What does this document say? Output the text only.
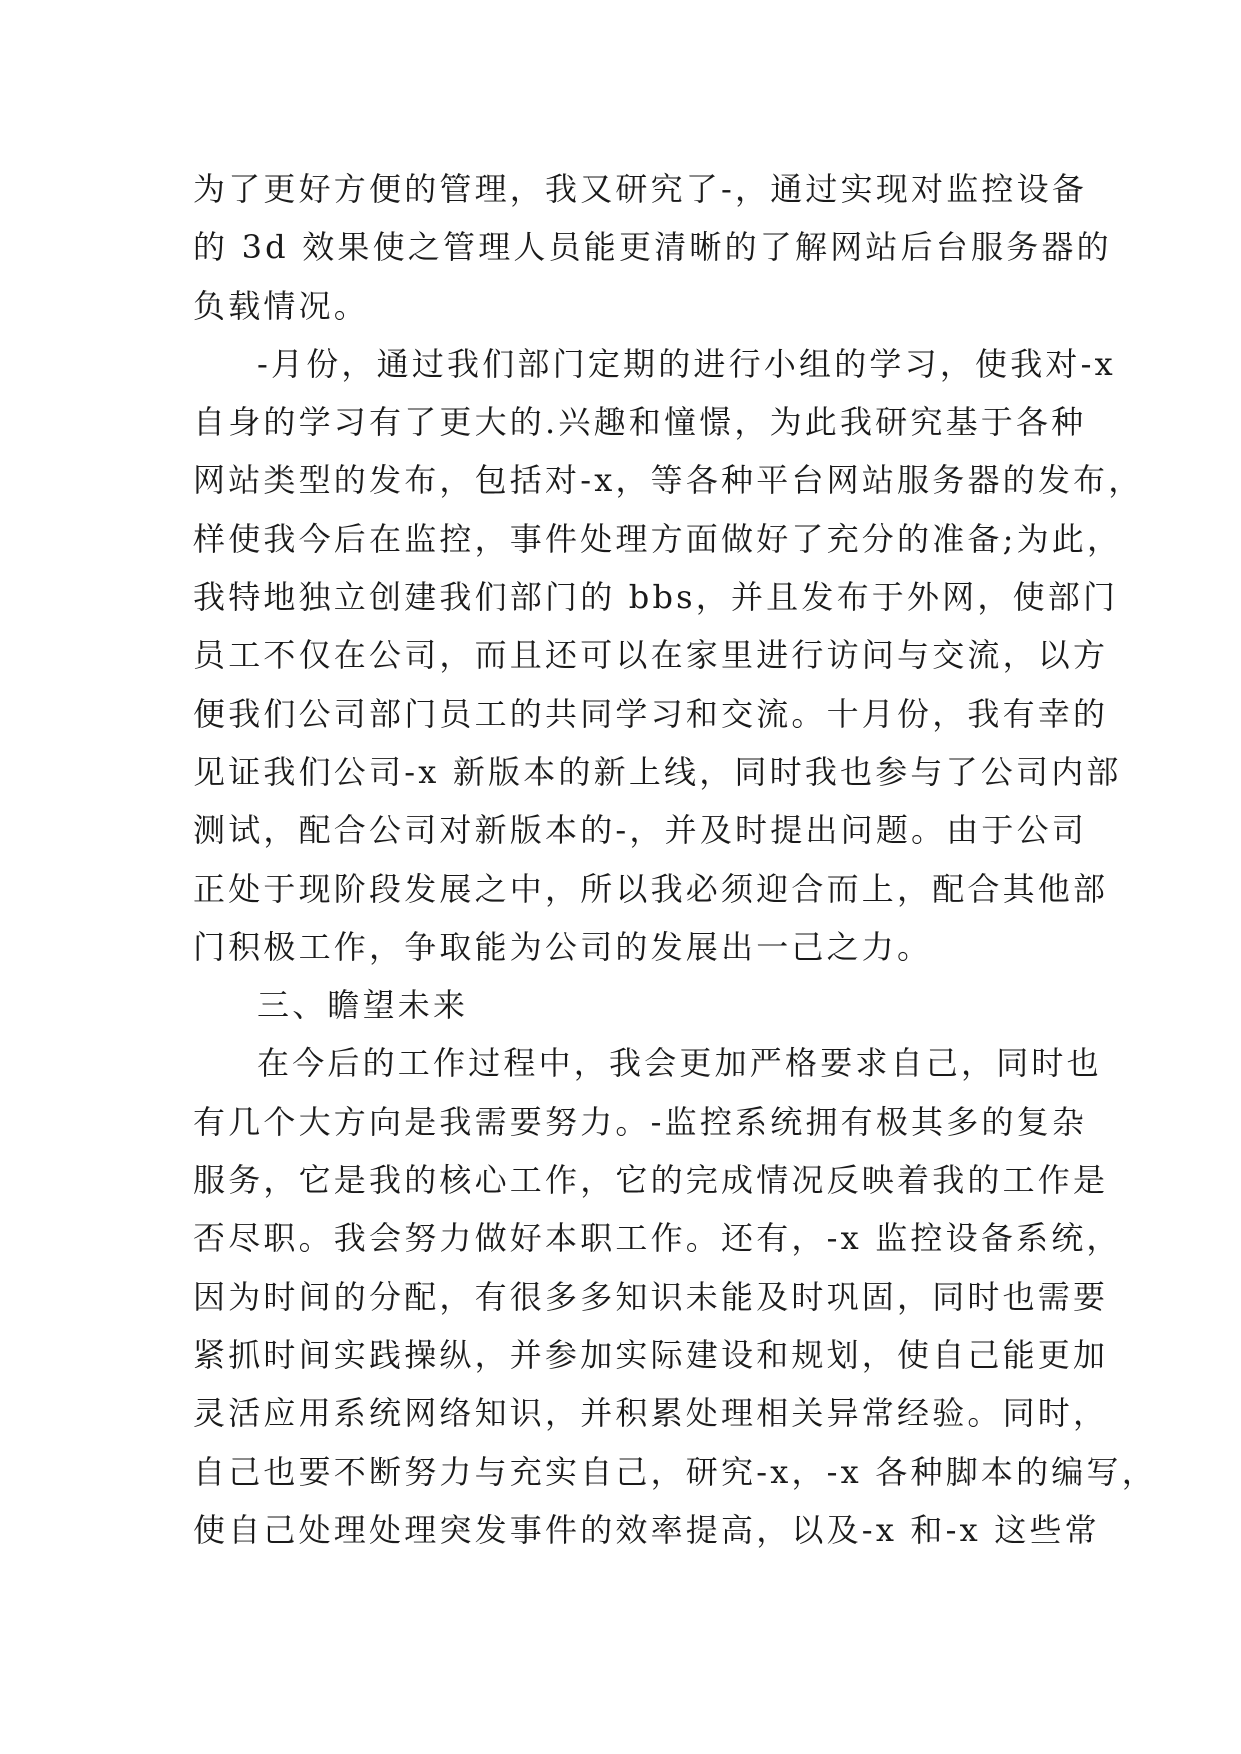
为了更好方便的管理，我又研究了-，通过实现对监控设备
的 3d 效果使之管理人员能更清晰的了解网站后台服务器的
负载情况。
-月份，通过我们部门定期的进行小组的学习，使我对-x
自身的学习有了更大的.兴趣和憧憬，为此我研究基于各种
网站类型的发布，包括对-x，等各种平台网站服务器的发布，
样使我今后在监控，事件处理方面做好了充分的准备;为此，
我特地独立创建我们部门的 bbs，并且发布于外网，使部门
员工不仅在公司，而且还可以在家里进行访问与交流，以方
便我们公司部门员工的共同学习和交流。十月份，我有幸的
见证我们公司-x 新版本的新上线，同时我也参与了公司内部
测试，配合公司对新版本的-，并及时提出问题。由于公司
正处于现阶段发展之中，所以我必须迎合而上，配合其他部
门积极工作，争取能为公司的发展出一己之力。
三、瞻望未来
在今后的工作过程中，我会更加严格要求自己，同时也
有几个大方向是我需要努力。-监控系统拥有极其多的复杂
服务，它是我的核心工作，它的完成情况反映着我的工作是
否尽职。我会努力做好本职工作。还有，-x 监控设备系统，
因为时间的分配，有很多多知识未能及时巩固，同时也需要
紧抓时间实践操纵，并参加实际建设和规划，使自己能更加
灵活应用系统网络知识，并积累处理相关异常经验。同时，
自己也要不断努力与充实自己，研究-x，-x 各种脚本的编写，
使自己处理处理突发事件的效率提高，以及-x 和-x 这些常
